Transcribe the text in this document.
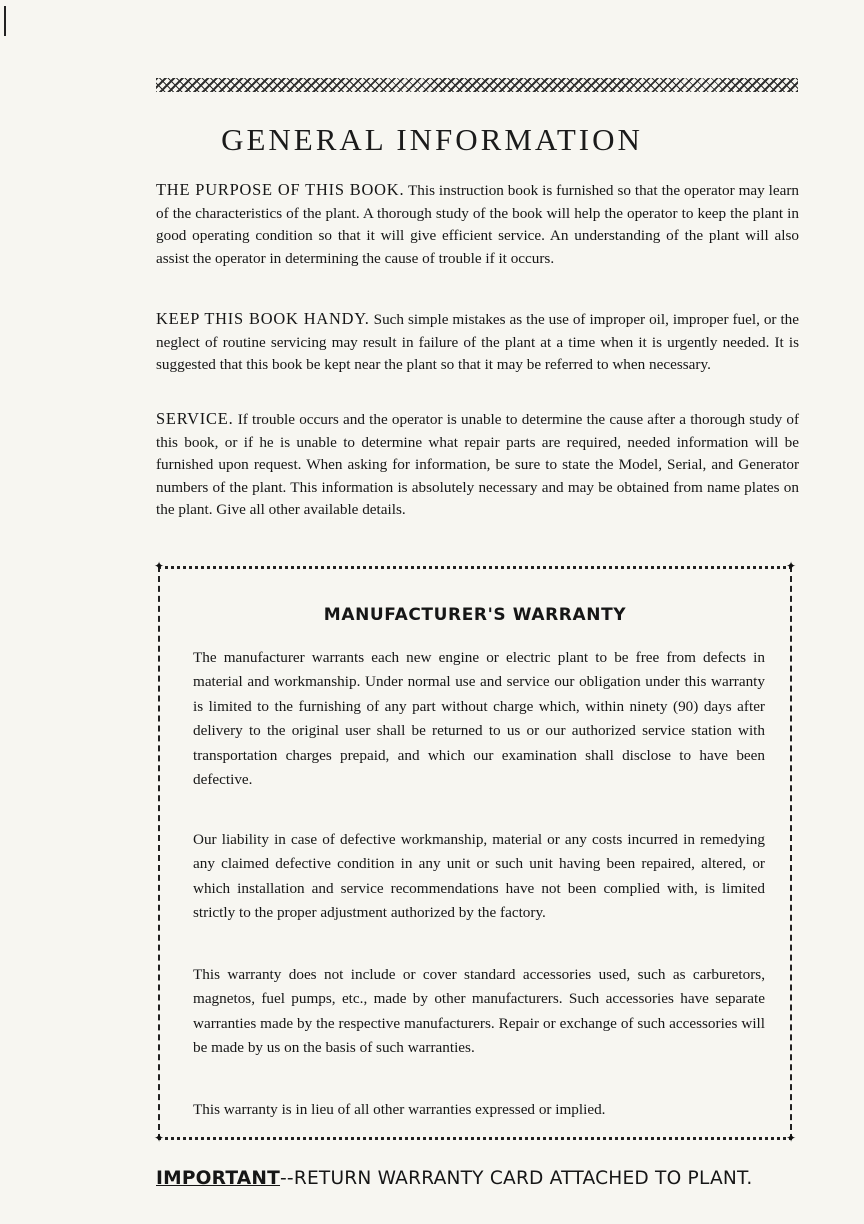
GENERAL INFORMATION

THE PURPOSE OF THIS BOOK. This instruction book is furnished so that the operator may learn of the characteristics of the plant. A thorough study of the book will help the operator to keep the plant in good operating condition so that it will give efficient service. An understanding of the plant will also assist the operator in determining the cause of trouble if it occurs.

KEEP THIS BOOK HANDY. Such simple mistakes as the use of improper oil, improper fuel, or the neglect of routine servicing may result in failure of the plant at a time when it is urgently needed. It is suggested that this book be kept near the plant so that it may be referred to when necessary.

SERVICE. If trouble occurs and the operator is unable to determine the cause after a thorough study of this book, or if he is unable to determine what repair parts are required, needed information will be furnished upon request. When asking for information, be sure to state the Model, Serial, and Generator numbers of the plant. This information is absolutely necessary and may be obtained from name plates on the plant. Give all other available details.

✦	✦
✦	✦
MANUFACTURER'S WARRANTY

The manufacturer warrants each new engine or electric plant to be free from defects in material and workmanship. Under normal use and service our obligation under this warranty is limited to the furnishing of any part without charge which, within ninety (90) days after delivery to the original user shall be returned to us or our authorized service station with transportation charges prepaid, and which our examination shall disclose to have been defective.

Our liability in case of defective workmanship, material or any costs incurred in remedying any claimed defective condition in any unit or such unit having been repaired, altered, or which installation and service recommendations have not been complied with, is limited strictly to the proper adjustment authorized by the factory.

This warranty does not include or cover standard accessories used, such as carburetors, magnetos, fuel pumps, etc., made by other manufacturers. Such accessories have separate warranties made by the respective manufacturers. Repair or exchange of such accessories will be made by us on the basis of such warranties.

This warranty is in lieu of all other warranties expressed or implied.

IMPORTANT--RETURN WARRANTY CARD ATTACHED TO PLANT.
